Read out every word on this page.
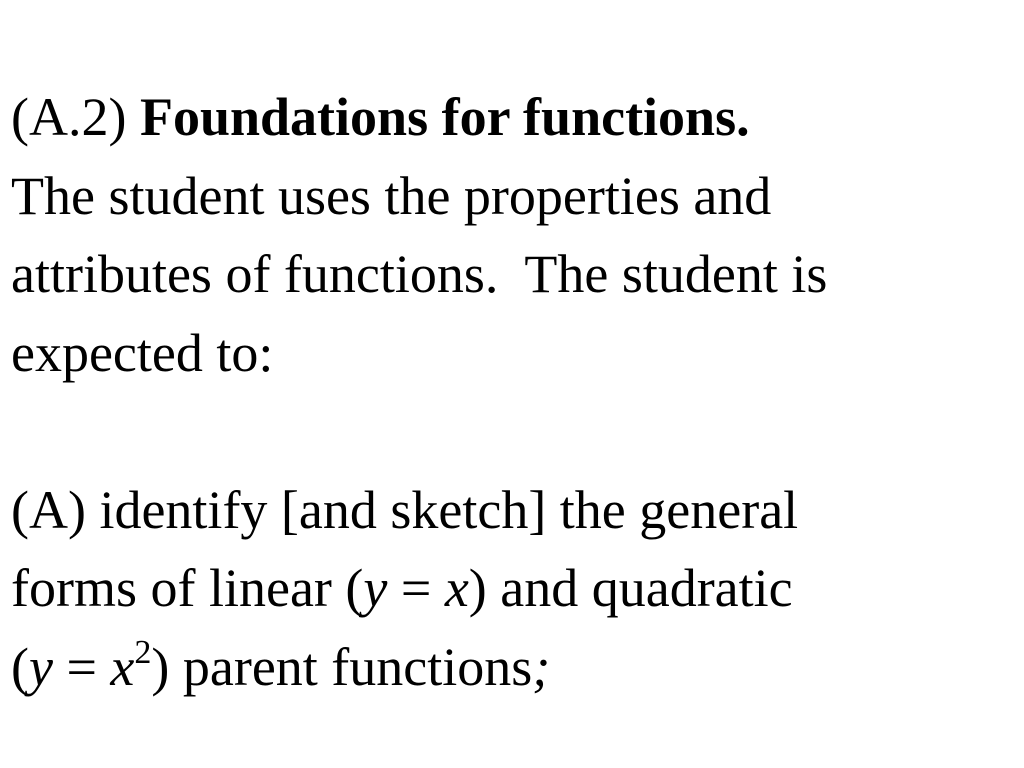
(A.2) Foundations for functions.
The student uses the properties and
attributes of functions.  The student is
expected to:
(A) identify [and sketch] the general
forms of linear (y = x) and quadratic
$(y = x^2)$ parent functions;
